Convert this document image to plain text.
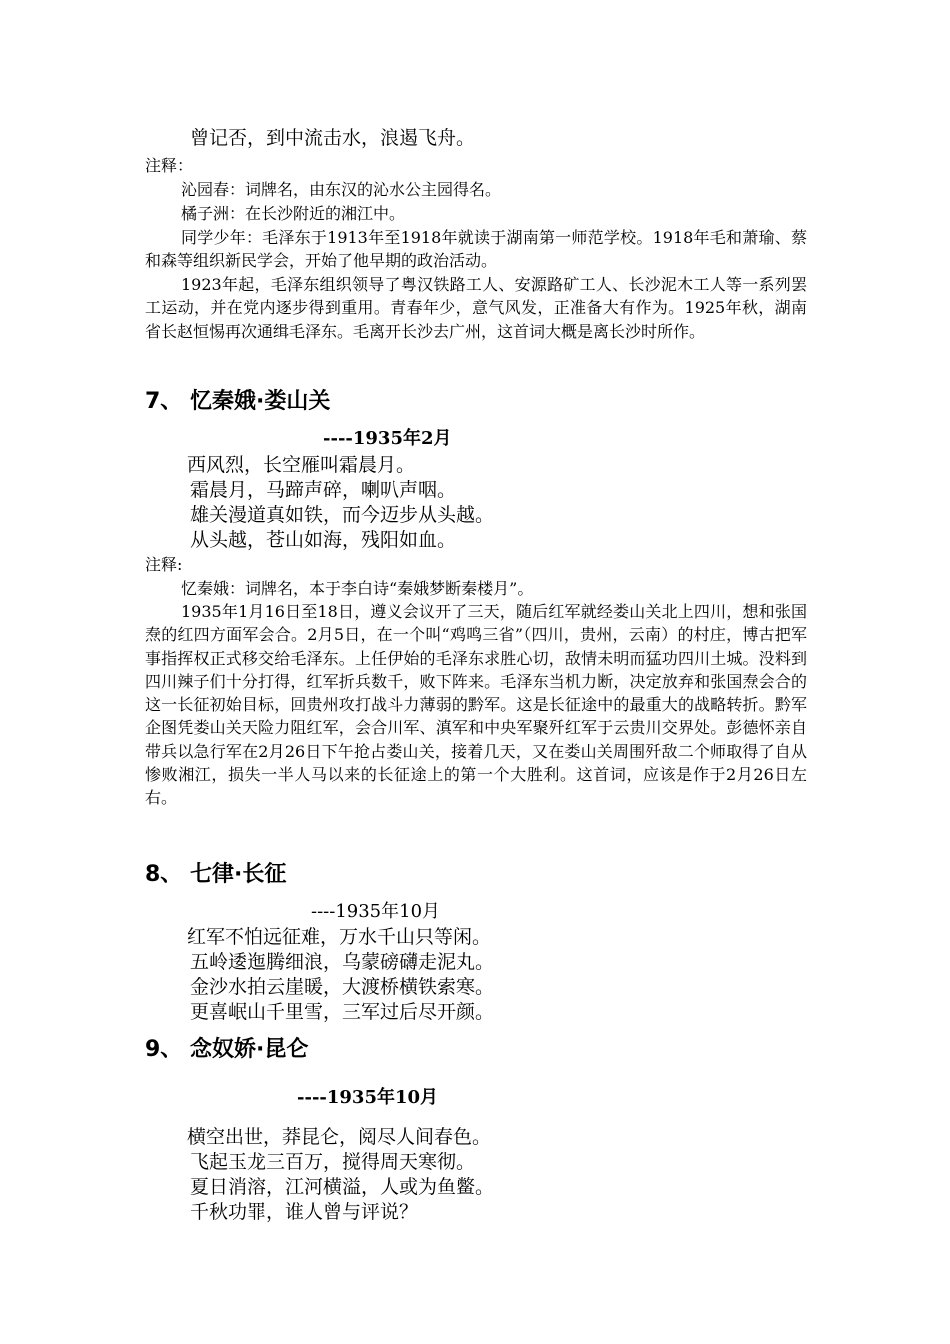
曾记否，到中流击水，浪遏飞舟。
注释：
沁园春：词牌名，由东汉的沁水公主园得名。
橘子洲：在长沙附近的湘江中。
同学少年：毛泽东于1913年至1918年就读于湖南第一师范学校。1918年毛和萧瑜、蔡和森等组织新民学会，开始了他早期的政治活动。
1923年起，毛泽东组织领导了粤汉铁路工人、安源路矿工人、长沙泥木工人等一系列罢工运动，并在党内逐步得到重用。青春年少，意气风发，正准备大有作为。1925年秋，湖南省长赵恒惕再次通缉毛泽东。毛离开长沙去广州，这首词大概是离长沙时所作。
7、 忆秦娥·娄山关
----1935年2月
西风烈，长空雁叫霜晨月。
霜晨月，马蹄声碎，喇叭声咽。
雄关漫道真如铁，而今迈步从头越。
从头越，苍山如海，残阳如血。
注释:
忆秦娥：词牌名，本于李白诗“秦娥梦断秦楼月”。
1935年1月16日至18日，遵义会议开了三天，随后红军就经娄山关北上四川，想和张国焘的红四方面军会合。2月5日，在一个叫“鸡鸣三省”（四川，贵州，云南）的村庄，博古把军事指挥权正式移交给毛泽东。上任伊始的毛泽东求胜心切，敌情未明而猛功四川土城。没料到四川辣子们十分打得，红军折兵数千，败下阵来。毛泽东当机力断，决定放弃和张国焘会合的这一长征初始目标，回贵州攻打战斗力薄弱的黔军。这是长征途中的最重大的战略转折。黔军企图凭娄山关天险力阻红军，会合川军、滇军和中央军聚歼红军于云贵川交界处。彭德怀亲自带兵以急行军在2月26日下午抢占娄山关，接着几天，又在娄山关周围歼敌二个师取得了自从惨败湘江，损失一半人马以来的长征途上的第一个大胜利。这首词，应该是作于2月26日左右。
8、 七律·长征
----1935年10月
红军不怕远征难，万水千山只等闲。
五岭逶迤腾细浪，乌蒙磅礴走泥丸。
金沙水拍云崖暖，大渡桥横铁索寒。
更喜岷山千里雪，三军过后尽开颜。
9、 念奴娇·昆仑
----1935年10月
横空出世，莽昆仑，阅尽人间春色。
飞起玉龙三百万，搅得周天寒彻。
夏日消溶，江河横溢，人或为鱼鳖。
千秋功罪，谁人曾与评说？
